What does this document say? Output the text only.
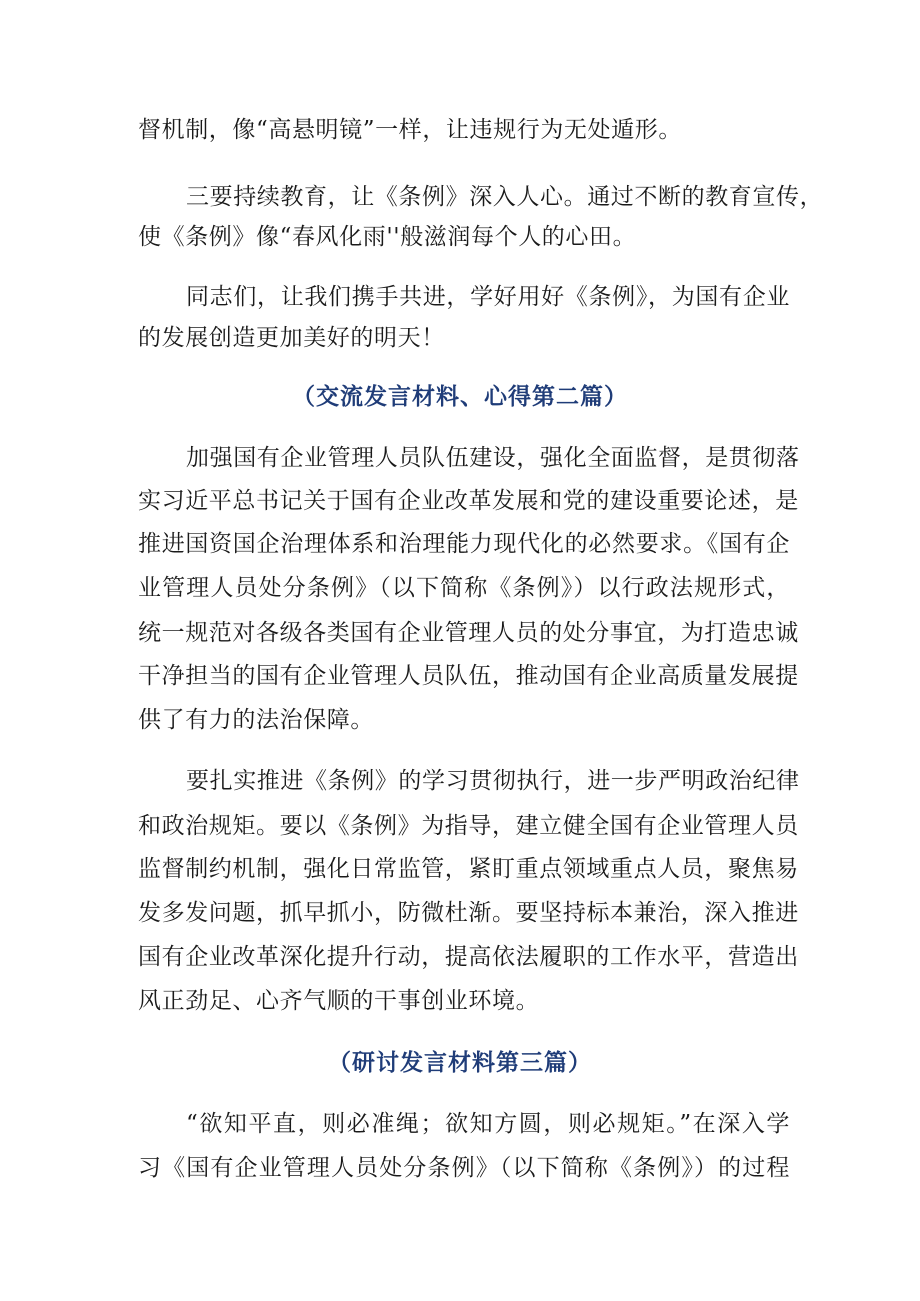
督机制，像“高悬明镜”一样，让违规行为无处遁形。
三要持续教育，让《条例》深入人心。通过不断的教育宣传，
使《条例》像“春风化雨''般滋润每个人的心田。
同志们，让我们携手共进，学好用好《条例》，为国有企业
的发展创造更加美好的明天！
（交流发言材料、心得第二篇）
加强国有企业管理人员队伍建设，强化全面监督，是贯彻落
实习近平总书记关于国有企业改革发展和党的建设重要论述，是
推进国资国企治理体系和治理能力现代化的必然要求。《国有企
业管理人员处分条例》（以下简称《条例》）以行政法规形式，
统一规范对各级各类国有企业管理人员的处分事宜，为打造忠诚
干净担当的国有企业管理人员队伍，推动国有企业高质量发展提
供了有力的法治保障。
要扎实推进《条例》的学习贯彻执行，进一步严明政治纪律
和政治规矩。要以《条例》为指导，建立健全国有企业管理人员
监督制约机制，强化日常监管，紧盯重点领域重点人员，聚焦易
发多发问题，抓早抓小，防微杜渐。要坚持标本兼治，深入推进
国有企业改革深化提升行动，提高依法履职的工作水平，营造出
风正劲足、心齐气顺的干事创业环境。
（研讨发言材料第三篇）
“欲知平直，则必准绳；欲知方圆，则必规矩。”在深入学
习《国有企业管理人员处分条例》（以下简称《条例》）的过程
